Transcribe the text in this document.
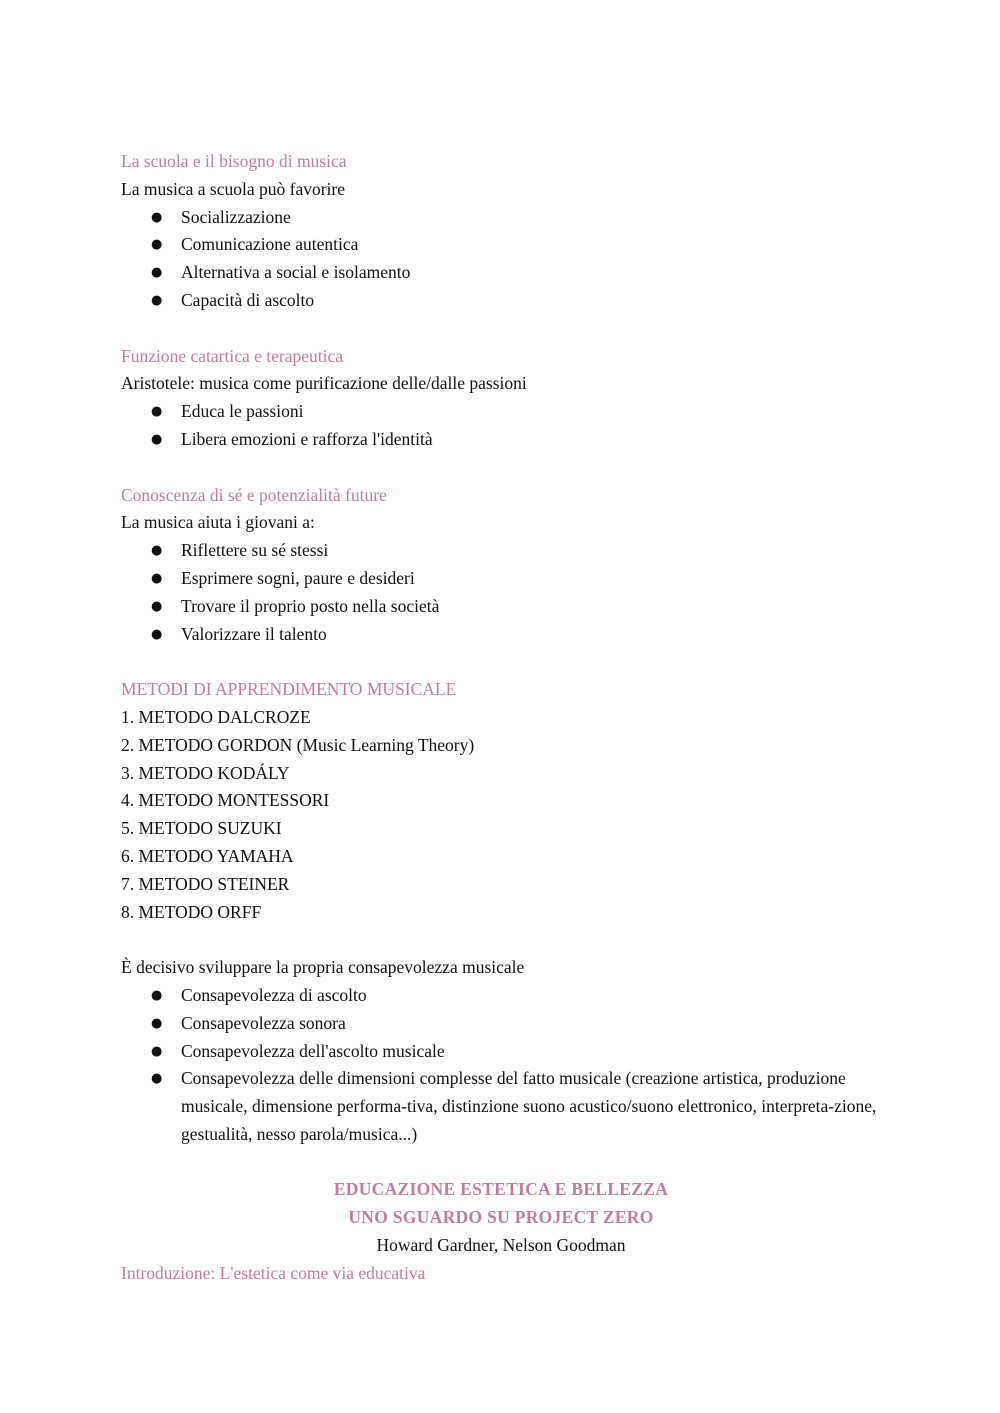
La scuola e il bisogno di musica

La musica a scuola può favorire

● Socializzazione
● Comunicazione autentica
● Alternativa a social e isolamento
● Capacità di ascolto

Funzione catartica e terapeutica

Aristotele: musica come purificazione delle/dalle passioni

● Educa le passioni
● Libera emozioni e rafforza l'identità

Conoscenza di sé e potenzialità future

La musica aiuta i giovani a:

● Riflettere su sé stessi
● Esprimere sogni, paure e desideri
● Trovare il proprio posto nella società
● Valorizzare il talento

METODI DI APPRENDIMENTO MUSICALE

1. METODO DALCROZE

2. METODO GORDON (Music Learning Theory)

3. METODO KODÁLY

4. METODO MONTESSORI

5. METODO SUZUKI

6. METODO YAMAHA

7. METODO STEINER

8. METODO ORFF

È decisivo sviluppare la propria consapevolezza musicale

● Consapevolezza di ascolto
● Consapevolezza sonora
● Consapevolezza dell'ascolto musicale
● Consapevolezza delle dimensioni complesse del fatto musicale (creazione artistica, produzione musicale, dimensione performa-tiva, distinzione suono acustico/suono elettronico, interpreta-zione, gestualità, nesso parola/musica...)

EDUCAZIONE ESTETICA E BELLEZZA

UNO SGUARDO SU PROJECT ZERO

Howard Gardner, Nelson Goodman

Introduzione: L'estetica come via educativa
